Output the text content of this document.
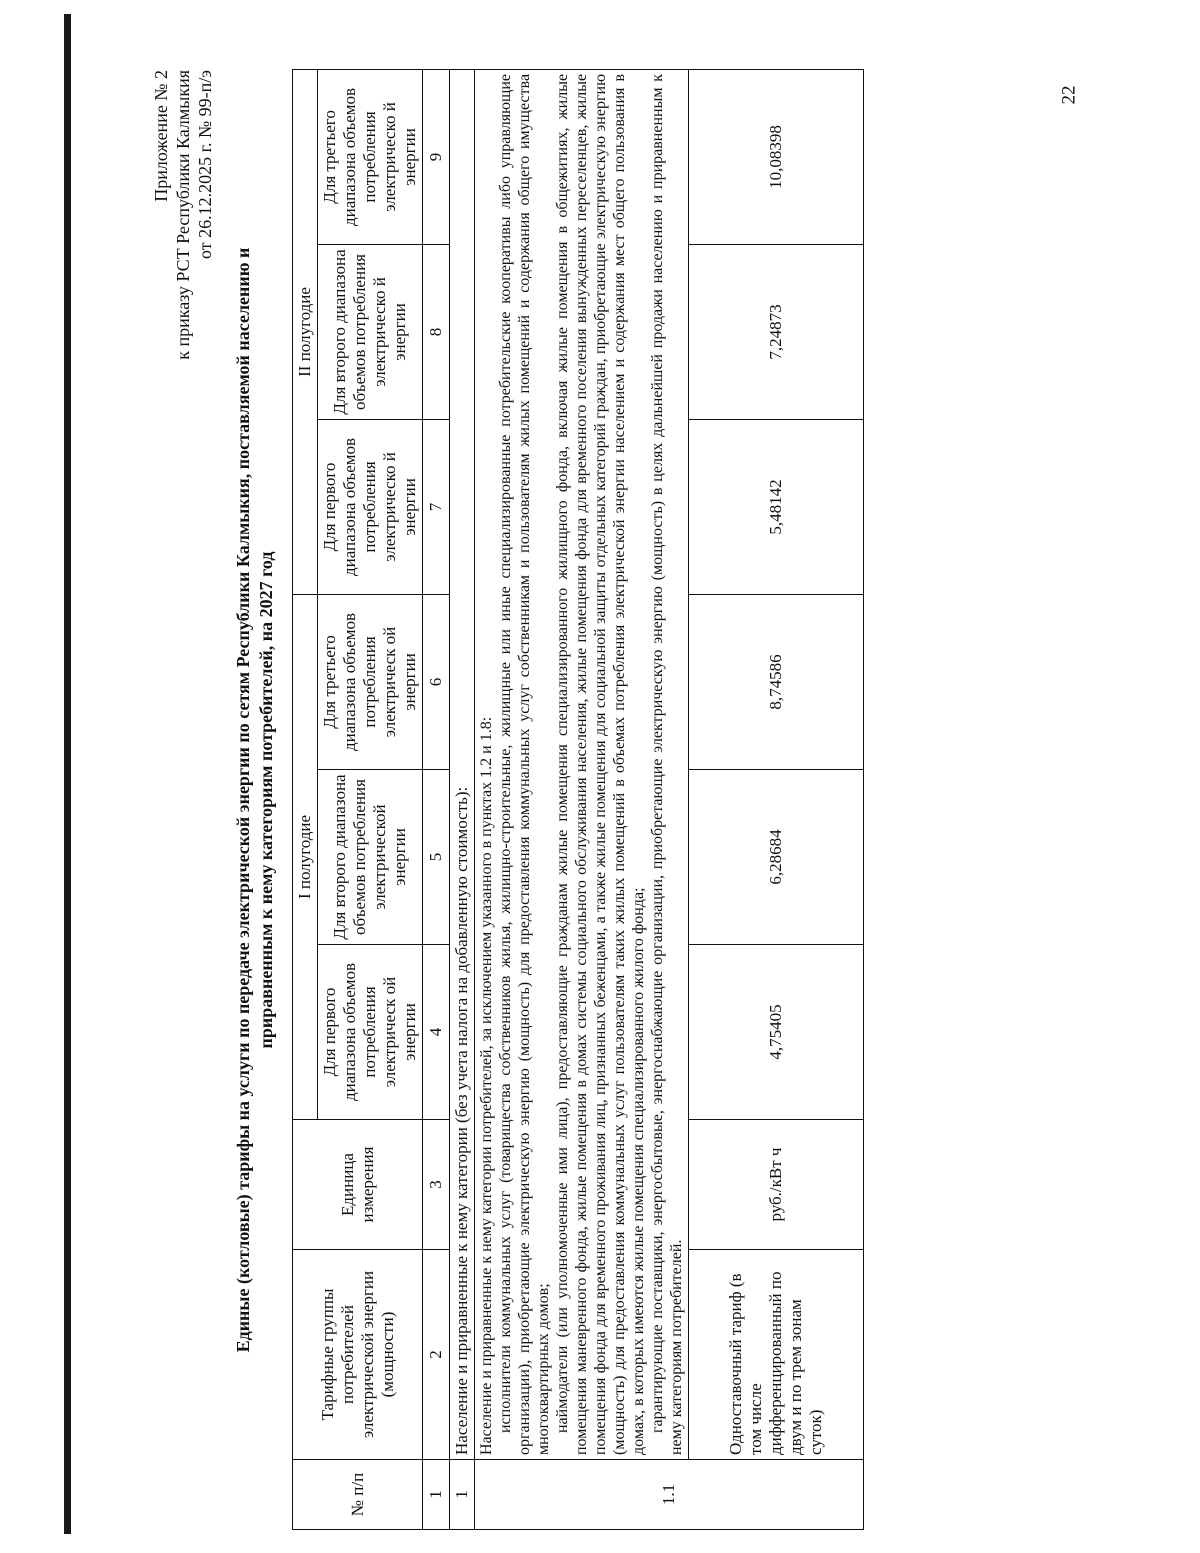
22
Приложение № 2 к приказу РСТ Республики Калмыкия от 26.12.2025 г. № 99-п/э
Единые (котловые) тарифы на услуги по передаче электрической энергии по сетям Республики Калмыкия, поставляемой населению и приравненным к нему категориям потребителей, на 2027 год
№ п/п	Тарифные группы потребителей электрической энергии (мощности)	Единица измерения	I полугодие			II полугодие		
			Для первого диапазона объемов потребления электрическ ой энергии	Для второго диапазона объемов потребления электрической энергии	Для третьего диапазона объемов потребления электрическ ой энергии	Для первого диапазона объемов потребления электрическо й энергии	Для второго диапазона объемов потребления электрическо й энергии	Для третьего диапазона объемов потребления электрическо й энергии
1	2	3	4	5	6	7	8	9
1	Население и приравненные к нему категории (без учета налога на добавленную стоимость):							
1.1	Население и приравненные к нему категории потребителей, за исключением указанного в пунктах 1.2 и 1.8: исполнители коммунальных услуг (товарищества собственников жилья, жилищно-строительные, жилищные или иные специализированные потребительские кооперативы либо управляющие организации), приобретающие электрическую энергию (мощность) для предоставления коммунальных услуг собственникам и пользователям жилых помещений и содержания общего имущества многоквартирных домов; наймодатели (или уполномоченные ими лица), предоставляющие гражданам жилые помещения специализированного жилищного фонда, включая жилые помещения в общежитиях, жилые помещения маневренного фонда, жилые помещения в домах системы социального обслуживания населения, жилые помещения фонда для временного поселения вынужденных переселенцев, жилые помещения фонда для временного проживания лиц, признанных беженцами, а также жилые помещения для социальной защиты отдельных категорий граждан, приобретающие электрическую энергию (мощность) для предоставления коммунальных услуг пользователям таких жилых помещений в объемах потребления электрической энергии населением и содержания мест общего пользования в домах, в которых имеются жилые помещения специализированного жилого фонда; гарантирующие поставщики, энергосбытовые, энергоснабжающие организации, приобретающие электрическую энергию (мощность) в целях дальнейшей продажи населению и приравненным к нему категориям потребителей.							

	Одноставочный тариф (в том числе дифференцированный по двум и по трем зонам суток)	руб./кВт ч	4,75405	6,28684	8,74586	5,48142	7,24873	10,08398
